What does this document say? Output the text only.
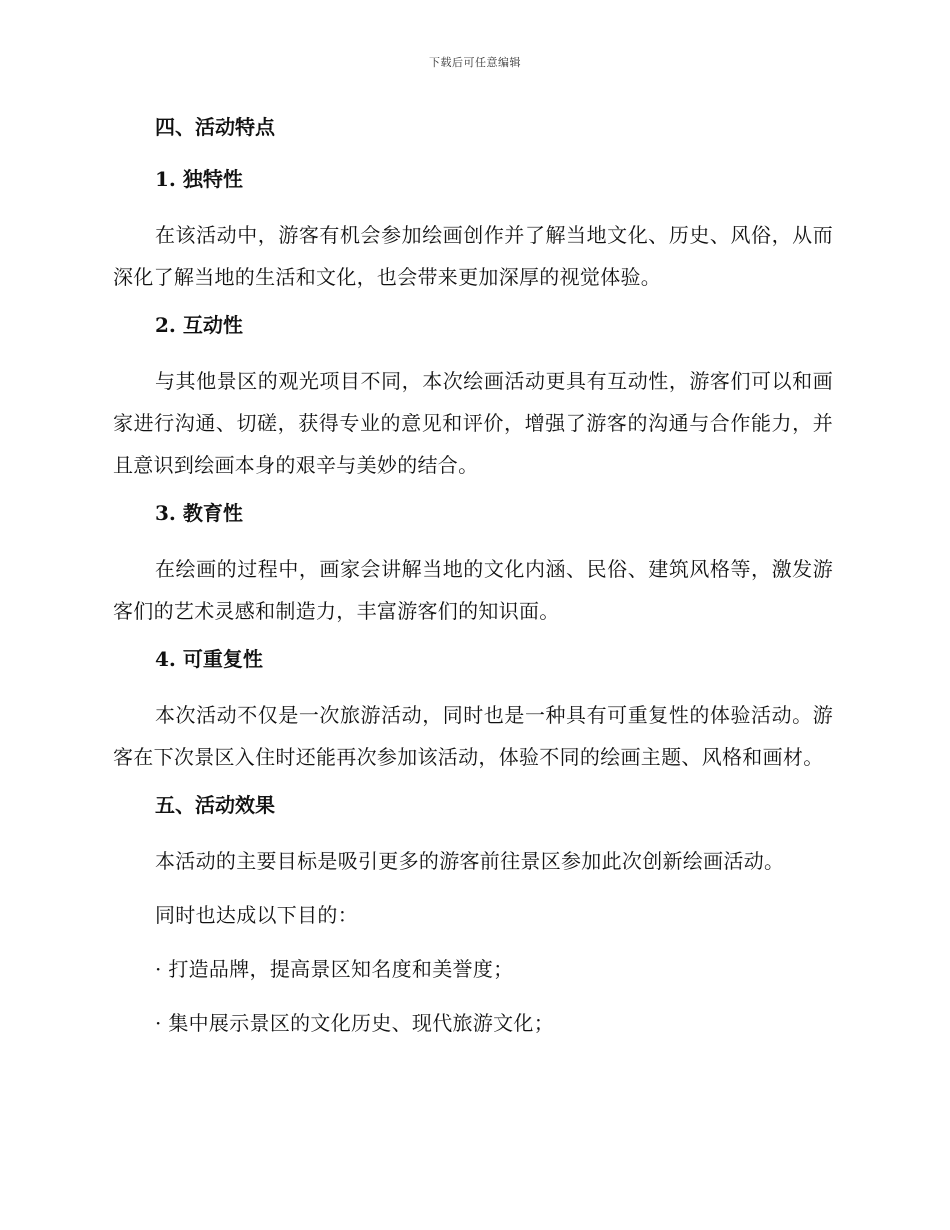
下载后可任意编辑
四、活动特点
1. 独特性

在该活动中，游客有机会参加绘画创作并了解当地文化、历史、风俗，从而深化了解当地的生活和文化，也会带来更加深厚的视觉体验。

2. 互动性

与其他景区的观光项目不同，本次绘画活动更具有互动性，游客们可以和画家进行沟通、切磋，获得专业的意见和评价，增强了游客的沟通与合作能力，并且意识到绘画本身的艰辛与美妙的结合。

3. 教育性

在绘画的过程中，画家会讲解当地的文化内涵、民俗、建筑风格等，激发游客们的艺术灵感和制造力，丰富游客们的知识面。

4. 可重复性

本次活动不仅是一次旅游活动，同时也是一种具有可重复性的体验活动。游客在下次景区入住时还能再次参加该活动，体验不同的绘画主题、风格和画材。

五、活动效果

本活动的主要目标是吸引更多的游客前往景区参加此次创新绘画活动。

同时也达成以下目的：

· 打造品牌，提高景区知名度和美誉度；
· 集中展示景区的文化历史、现代旅游文化；
